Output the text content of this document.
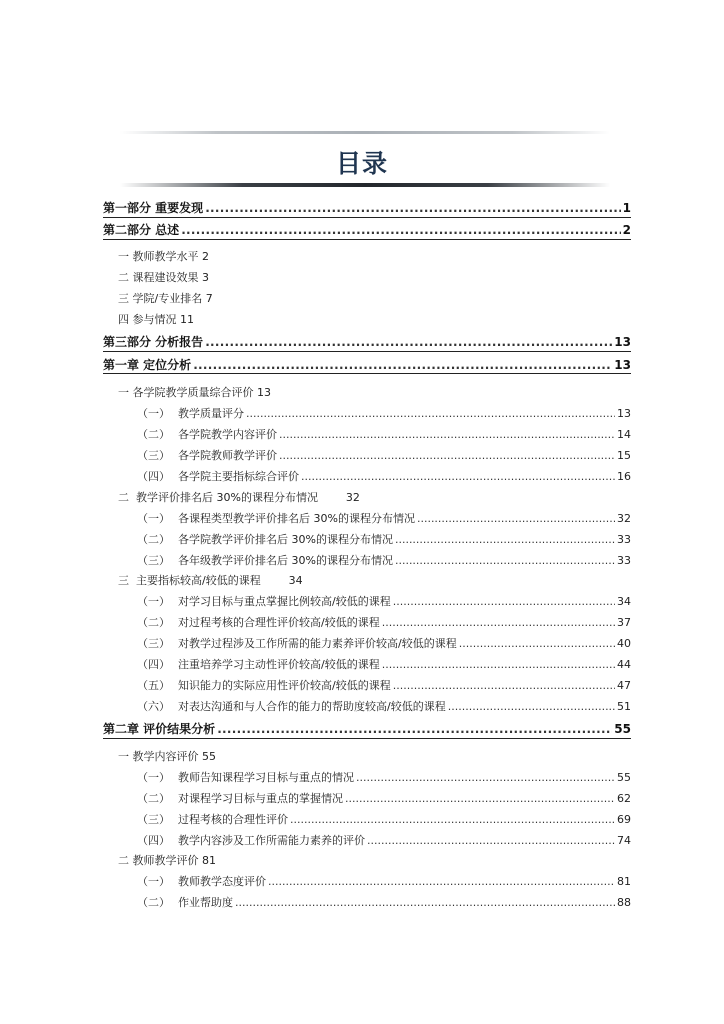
目录
第一部分 重要发现 .....	1
第二部分 总述 .....	2
一 教师教学水平 2
二 课程建设效果 3
三 学院/专业排名 7
四 参与情况 11
第三部分 分析报告 .....	13
第一章 定位分析 .....	13
一 各学院教学质量综合评价 13
（一） 教学质量评分 .....	13
（二） 各学院教学内容评价 .....	14
（三） 各学院教师教学评价 .....	15
（四） 各学院主要指标综合评价 .....	16
二  教学评价排名后 30%的课程分布情况        32
（一） 各课程类型教学评价排名后 30%的课程分布情况 .....	32
（二） 各学院教学评价排名后 30%的课程分布情况 .....	33
（三） 各年级教学评价排名后 30%的课程分布情况 .....	33
三  主要指标较高/较低的课程        34
（一） 对学习目标与重点掌握比例较高/较低的课程 .....	34
（二） 对过程考核的合理性评价较高/较低的课程 .....	37
（三） 对教学过程涉及工作所需的能力素养评价较高/较低的课程 .....	40
（四） 注重培养学习主动性评价较高/较低的课程 .....	44
（五） 知识能力的实际应用性评价较高/较低的课程 .....	47
（六） 对表达沟通和与人合作的能力的帮助度较高/较低的课程 .....	51
第二章 评价结果分析 .....	55
一 教学内容评价 55
（一） 教师告知课程学习目标与重点的情况 .....	55
（二） 对课程学习目标与重点的掌握情况 .....	62
（三） 过程考核的合理性评价 .....	69
（四） 教学内容涉及工作所需能力素养的评价 .....	74
二 教师教学评价 81
（一） 教师教学态度评价 .....	81
（二） 作业帮助度 .....	88
